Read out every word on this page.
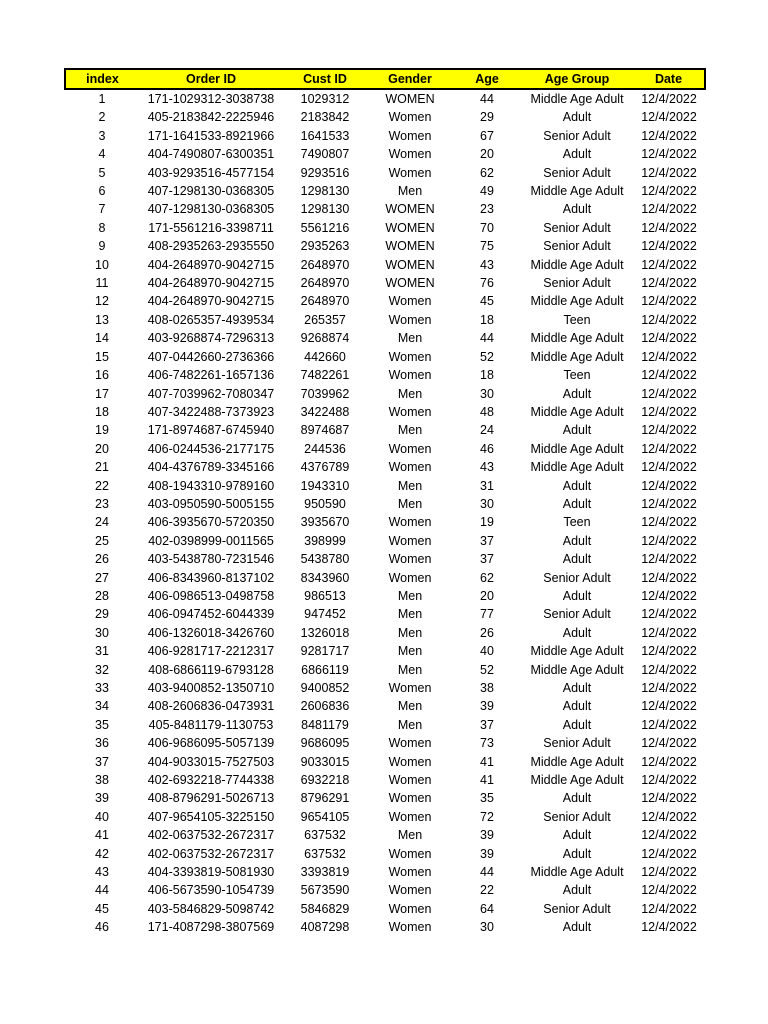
index	Order ID	Cust ID	Gender	Age	Age Group	Date
1	171-1029312-3038738	1029312	WOMEN	44	Middle Age Adult	12/4/2022
2	405-2183842-2225946	2183842	Women	29	Adult	12/4/2022
3	171-1641533-8921966	1641533	Women	67	Senior Adult	12/4/2022
4	404-7490807-6300351	7490807	Women	20	Adult	12/4/2022
5	403-9293516-4577154	9293516	Women	62	Senior Adult	12/4/2022
6	407-1298130-0368305	1298130	Men	49	Middle Age Adult	12/4/2022
7	407-1298130-0368305	1298130	WOMEN	23	Adult	12/4/2022
8	171-5561216-3398711	5561216	WOMEN	70	Senior Adult	12/4/2022
9	408-2935263-2935550	2935263	WOMEN	75	Senior Adult	12/4/2022
10	404-2648970-9042715	2648970	WOMEN	43	Middle Age Adult	12/4/2022
11	404-2648970-9042715	2648970	WOMEN	76	Senior Adult	12/4/2022
12	404-2648970-9042715	2648970	Women	45	Middle Age Adult	12/4/2022
13	408-0265357-4939534	265357	Women	18	Teen	12/4/2022
14	403-9268874-7296313	9268874	Men	44	Middle Age Adult	12/4/2022
15	407-0442660-2736366	442660	Women	52	Middle Age Adult	12/4/2022
16	406-7482261-1657136	7482261	Women	18	Teen	12/4/2022
17	407-7039962-7080347	7039962	Men	30	Adult	12/4/2022
18	407-3422488-7373923	3422488	Women	48	Middle Age Adult	12/4/2022
19	171-8974687-6745940	8974687	Men	24	Adult	12/4/2022
20	406-0244536-2177175	244536	Women	46	Middle Age Adult	12/4/2022
21	404-4376789-3345166	4376789	Women	43	Middle Age Adult	12/4/2022
22	408-1943310-9789160	1943310	Men	31	Adult	12/4/2022
23	403-0950590-5005155	950590	Men	30	Adult	12/4/2022
24	406-3935670-5720350	3935670	Women	19	Teen	12/4/2022
25	402-0398999-0011565	398999	Women	37	Adult	12/4/2022
26	403-5438780-7231546	5438780	Women	37	Adult	12/4/2022
27	406-8343960-8137102	8343960	Women	62	Senior Adult	12/4/2022
28	406-0986513-0498758	986513	Men	20	Adult	12/4/2022
29	406-0947452-6044339	947452	Men	77	Senior Adult	12/4/2022
30	406-1326018-3426760	1326018	Men	26	Adult	12/4/2022
31	406-9281717-2212317	9281717	Men	40	Middle Age Adult	12/4/2022
32	408-6866119-6793128	6866119	Men	52	Middle Age Adult	12/4/2022
33	403-9400852-1350710	9400852	Women	38	Adult	12/4/2022
34	408-2606836-0473931	2606836	Men	39	Adult	12/4/2022
35	405-8481179-1130753	8481179	Men	37	Adult	12/4/2022
36	406-9686095-5057139	9686095	Women	73	Senior Adult	12/4/2022
37	404-9033015-7527503	9033015	Women	41	Middle Age Adult	12/4/2022
38	402-6932218-7744338	6932218	Women	41	Middle Age Adult	12/4/2022
39	408-8796291-5026713	8796291	Women	35	Adult	12/4/2022
40	407-9654105-3225150	9654105	Women	72	Senior Adult	12/4/2022
41	402-0637532-2672317	637532	Men	39	Adult	12/4/2022
42	402-0637532-2672317	637532	Women	39	Adult	12/4/2022
43	404-3393819-5081930	3393819	Women	44	Middle Age Adult	12/4/2022
44	406-5673590-1054739	5673590	Women	22	Adult	12/4/2022
45	403-5846829-5098742	5846829	Women	64	Senior Adult	12/4/2022
46	171-4087298-3807569	4087298	Women	30	Adult	12/4/2022
